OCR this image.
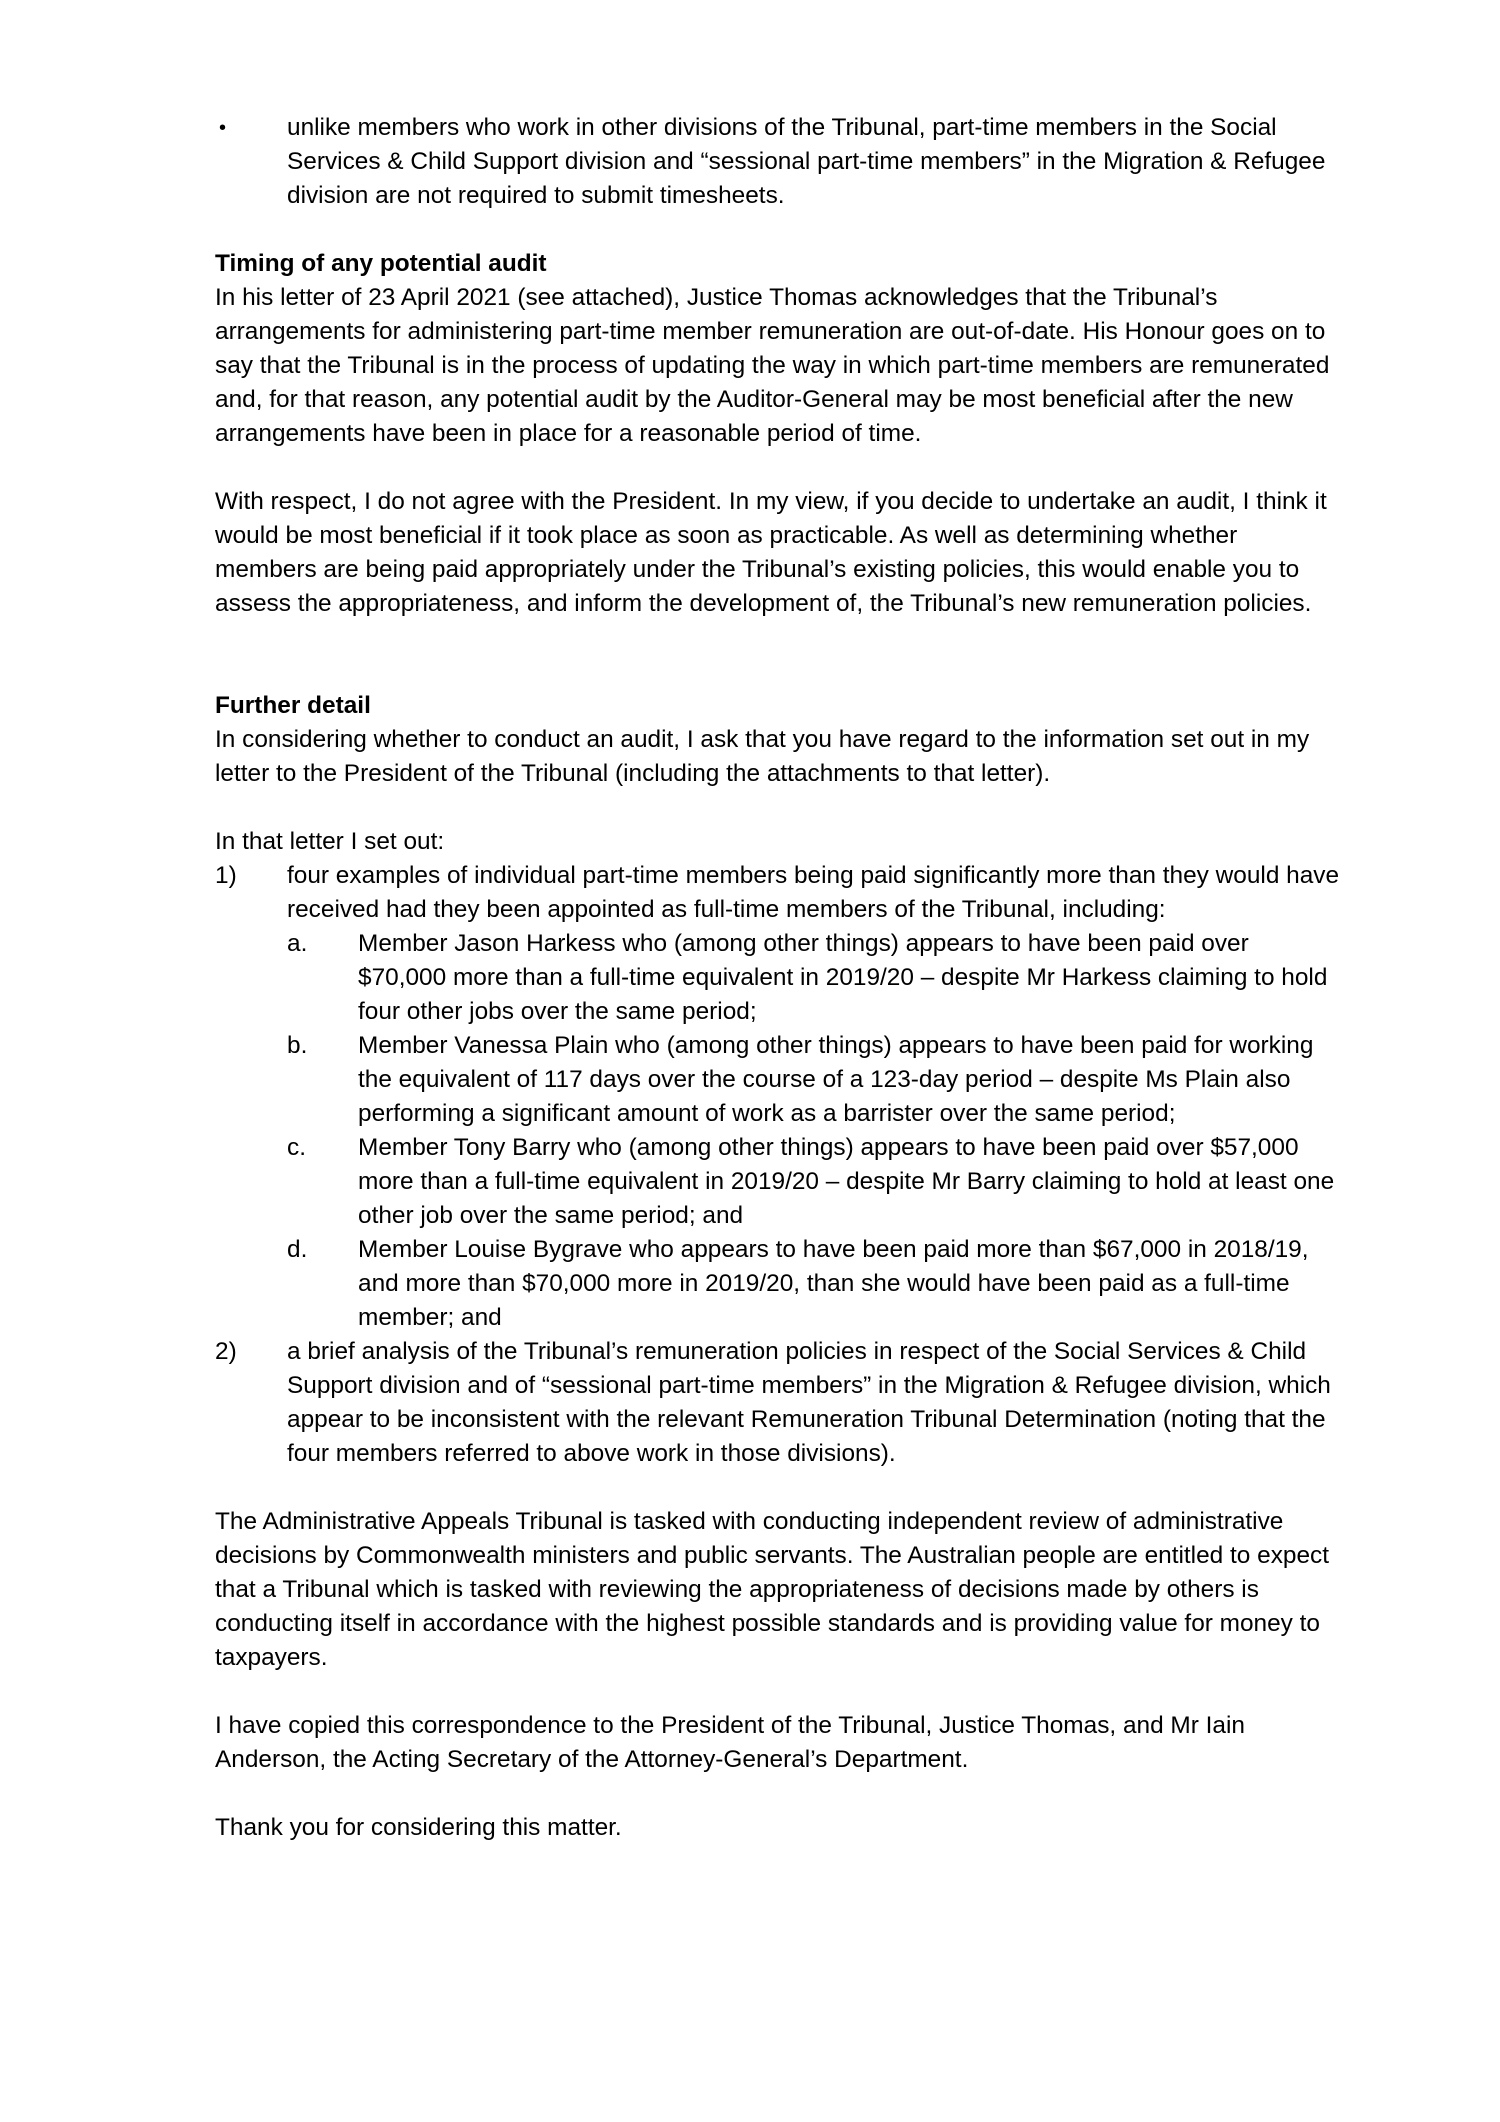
• unlike members who work in other divisions of the Tribunal, part-time members in the Social Services & Child Support division and “sessional part-time members” in the Migration & Refugee division are not required to submit timesheets.

Timing of any potential audit

In his letter of 23 April 2021 (see attached), Justice Thomas acknowledges that the Tribunal’s arrangements for administering part-time member remuneration are out-of-date. His Honour goes on to say that the Tribunal is in the process of updating the way in which part-time members are remunerated and, for that reason, any potential audit by the Auditor-General may be most beneficial after the new arrangements have been in place for a reasonable period of time.

With respect, I do not agree with the President. In my view, if you decide to undertake an audit, I think it would be most beneficial if it took place as soon as practicable. As well as determining whether members are being paid appropriately under the Tribunal’s existing policies, this would enable you to assess the appropriateness, and inform the development of, the Tribunal’s new remuneration policies.

Further detail

In considering whether to conduct an audit, I ask that you have regard to the information set out in my letter to the President of the Tribunal (including the attachments to that letter).

In that letter I set out:

1) four examples of individual part-time members being paid significantly more than they would have received had they been appointed as full-time members of the Tribunal, including:

a. Member Jason Harkess who (among other things) appears to have been paid over $70,000 more than a full-time equivalent in 2019/20 – despite Mr Harkess claiming to hold four other jobs over the same period;

b. Member Vanessa Plain who (among other things) appears to have been paid for working the equivalent of 117 days over the course of a 123-day period – despite Ms Plain also performing a significant amount of work as a barrister over the same period;

c. Member Tony Barry who (among other things) appears to have been paid over $57,000 more than a full-time equivalent in 2019/20 – despite Mr Barry claiming to hold at least one other job over the same period; and

d. Member Louise Bygrave who appears to have been paid more than $67,000 in 2018/19, and more than $70,000 more in 2019/20, than she would have been paid as a full-time member; and

2) a brief analysis of the Tribunal’s remuneration policies in respect of the Social Services & Child Support division and of “sessional part-time members” in the Migration & Refugee division, which appear to be inconsistent with the relevant Remuneration Tribunal Determination (noting that the four members referred to above work in those divisions).

The Administrative Appeals Tribunal is tasked with conducting independent review of administrative decisions by Commonwealth ministers and public servants. The Australian people are entitled to expect that a Tribunal which is tasked with reviewing the appropriateness of decisions made by others is conducting itself in accordance with the highest possible standards and is providing value for money to taxpayers.

I have copied this correspondence to the President of the Tribunal, Justice Thomas, and Mr Iain Anderson, the Acting Secretary of the Attorney-General’s Department.

Thank you for considering this matter.
